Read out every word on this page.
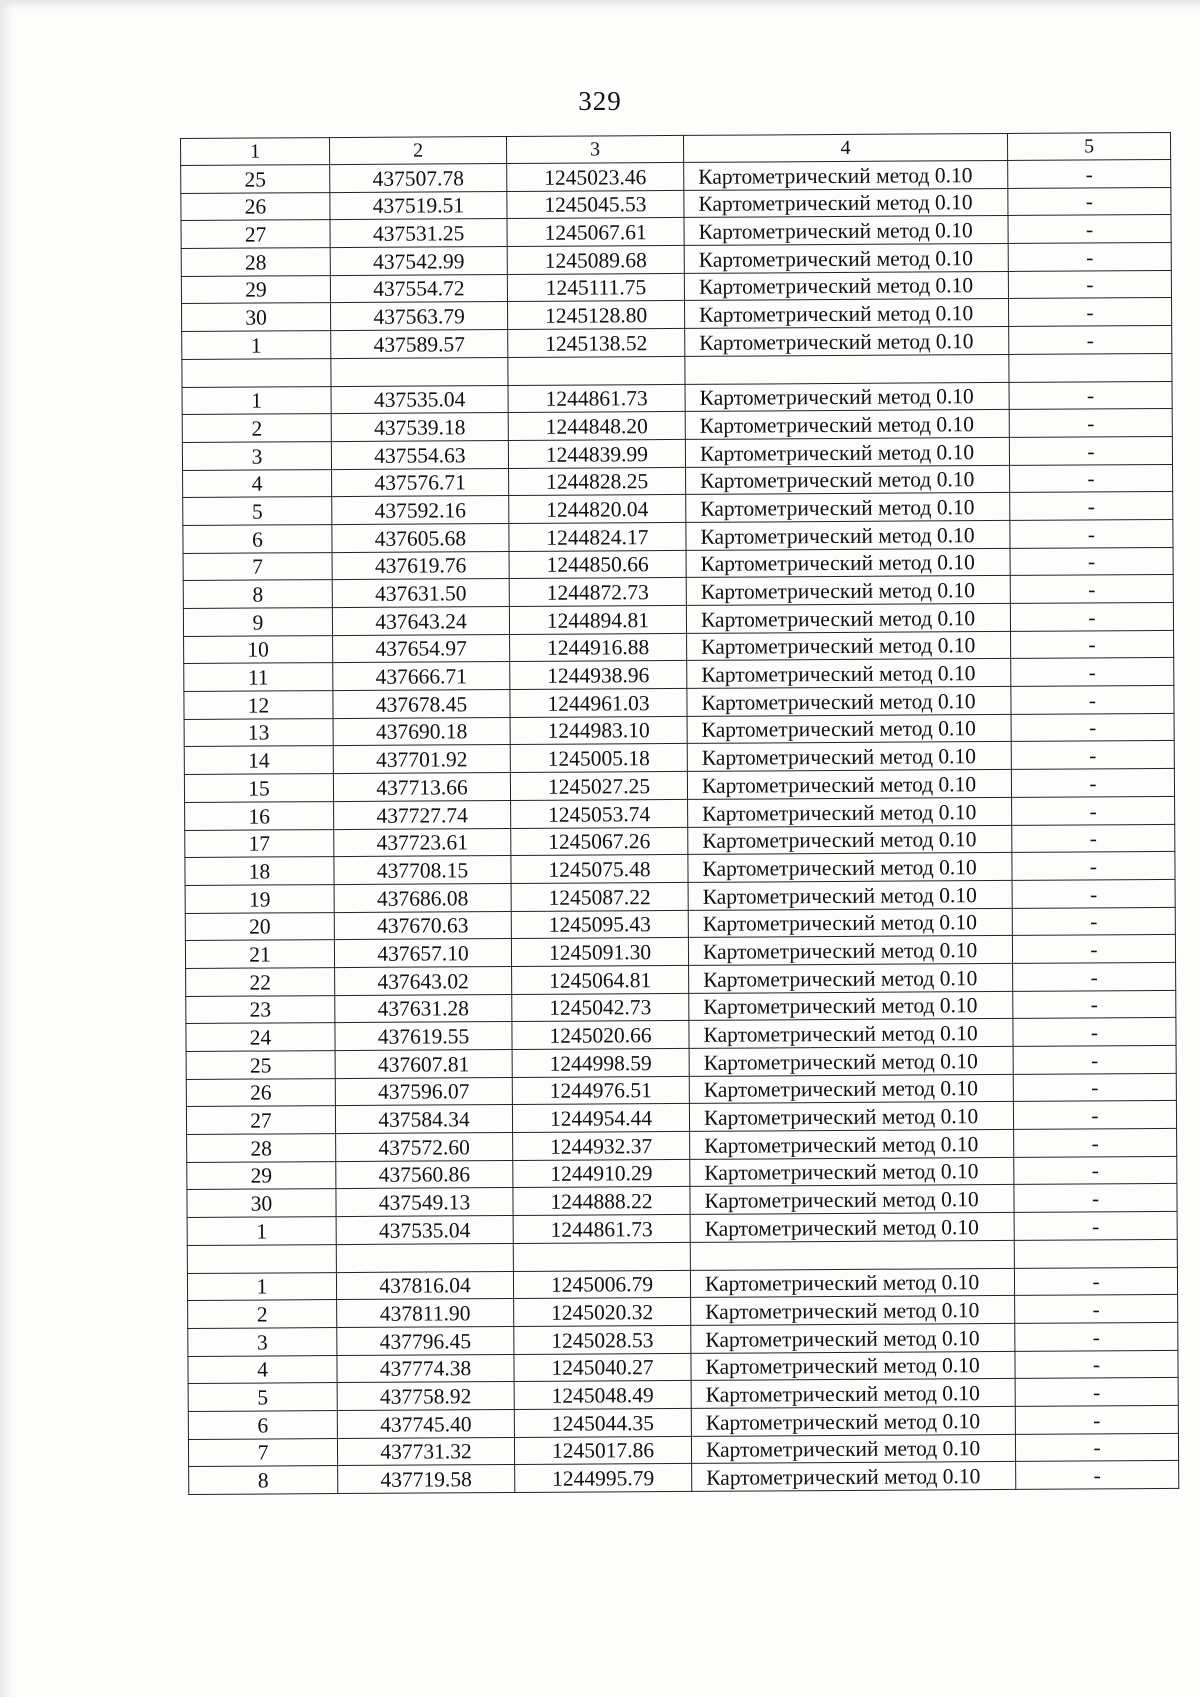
329
1	2	3	4	5
25	437507.78	1245023.46	Картометрический метод 0.10	-
26	437519.51	1245045.53	Картометрический метод 0.10	-
27	437531.25	1245067.61	Картометрический метод 0.10	-
28	437542.99	1245089.68	Картометрический метод 0.10	-
29	437554.72	1245111.75	Картометрический метод 0.10	-
30	437563.79	1245128.80	Картометрический метод 0.10	-
1	437589.57	1245138.52	Картометрический метод 0.10	-

1	437535.04	1244861.73	Картометрический метод 0.10	-
2	437539.18	1244848.20	Картометрический метод 0.10	-
3	437554.63	1244839.99	Картометрический метод 0.10	-
4	437576.71	1244828.25	Картометрический метод 0.10	-
5	437592.16	1244820.04	Картометрический метод 0.10	-
6	437605.68	1244824.17	Картометрический метод 0.10	-
7	437619.76	1244850.66	Картометрический метод 0.10	-
8	437631.50	1244872.73	Картометрический метод 0.10	-
9	437643.24	1244894.81	Картометрический метод 0.10	-
10	437654.97	1244916.88	Картометрический метод 0.10	-
11	437666.71	1244938.96	Картометрический метод 0.10	-
12	437678.45	1244961.03	Картометрический метод 0.10	-
13	437690.18	1244983.10	Картометрический метод 0.10	-
14	437701.92	1245005.18	Картометрический метод 0.10	-
15	437713.66	1245027.25	Картометрический метод 0.10	-
16	437727.74	1245053.74	Картометрический метод 0.10	-
17	437723.61	1245067.26	Картометрический метод 0.10	-
18	437708.15	1245075.48	Картометрический метод 0.10	-
19	437686.08	1245087.22	Картометрический метод 0.10	-
20	437670.63	1245095.43	Картометрический метод 0.10	-
21	437657.10	1245091.30	Картометрический метод 0.10	-
22	437643.02	1245064.81	Картометрический метод 0.10	-
23	437631.28	1245042.73	Картометрический метод 0.10	-
24	437619.55	1245020.66	Картометрический метод 0.10	-
25	437607.81	1244998.59	Картометрический метод 0.10	-
26	437596.07	1244976.51	Картометрический метод 0.10	-
27	437584.34	1244954.44	Картометрический метод 0.10	-
28	437572.60	1244932.37	Картометрический метод 0.10	-
29	437560.86	1244910.29	Картометрический метод 0.10	-
30	437549.13	1244888.22	Картометрический метод 0.10	-
1	437535.04	1244861.73	Картометрический метод 0.10	-

1	437816.04	1245006.79	Картометрический метод 0.10	-
2	437811.90	1245020.32	Картометрический метод 0.10	-
3	437796.45	1245028.53	Картометрический метод 0.10	-
4	437774.38	1245040.27	Картометрический метод 0.10	-
5	437758.92	1245048.49	Картометрический метод 0.10	-
6	437745.40	1245044.35	Картометрический метод 0.10	-
7	437731.32	1245017.86	Картометрический метод 0.10	-
8	437719.58	1244995.79	Картометрический метод 0.10	-
